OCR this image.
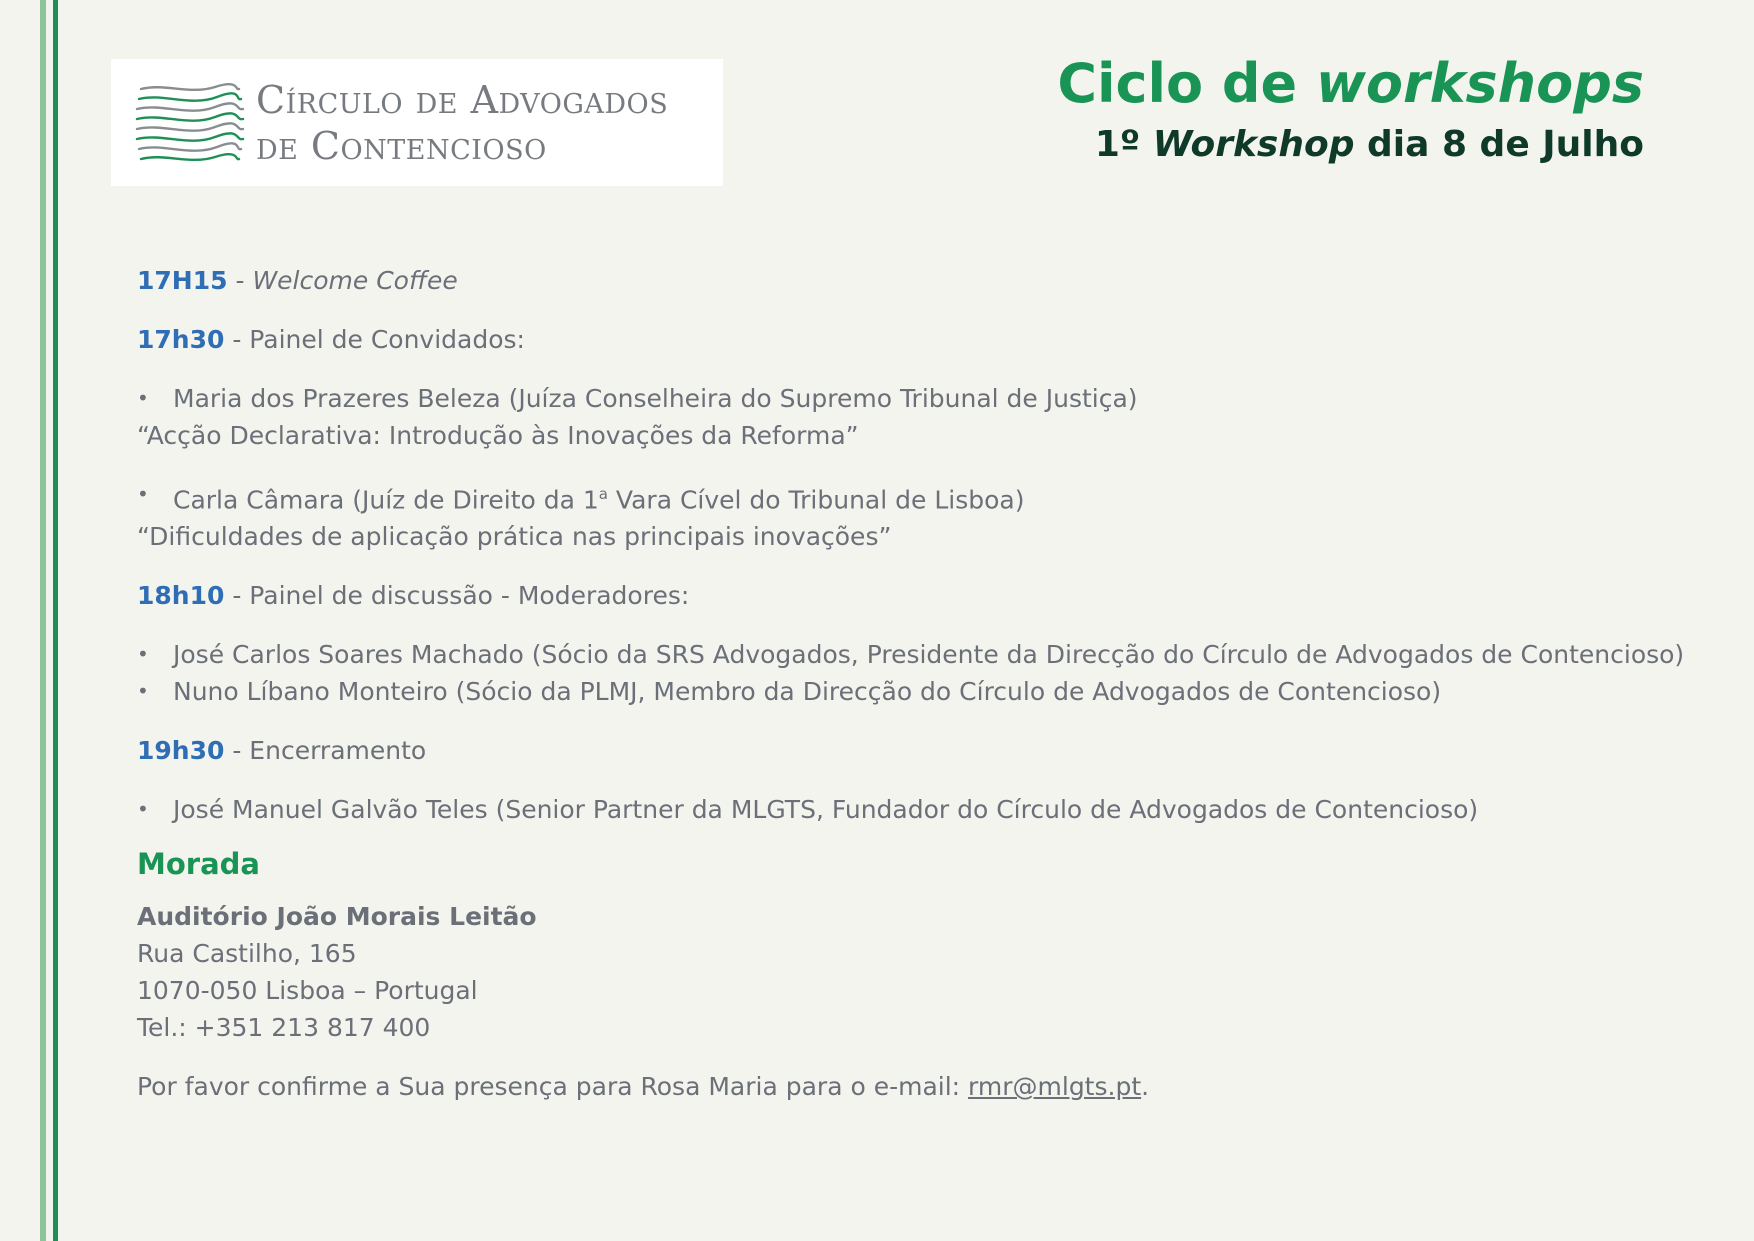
Círculo de Advogados
de Contencioso
Ciclo de workshops
1º Workshop dia 8 de Julho
17H15 - Welcome Coffee
17h30 - Painel de Convidados:
• Maria dos Prazeres Beleza (Juíza Conselheira do Supremo Tribunal de Justiça)
“Acção Declarativa: Introdução às Inovações da Reforma”
• Carla Câmara (Juíz de Direito da 1$^a$ Vara Cível do Tribunal de Lisboa)
“Dificuldades de aplicação prática nas principais inovações”
18h10 - Painel de discussão - Moderadores:
• José Carlos Soares Machado (Sócio da SRS Advogados, Presidente da Direcção do Círculo de Advogados de Contencioso)
• Nuno Líbano Monteiro (Sócio da PLMJ, Membro da Direcção do Círculo de Advogados de Contencioso)
19h30 - Encerramento
• José Manuel Galvão Teles (Senior Partner da MLGTS, Fundador do Círculo de Advogados de Contencioso)
Morada
Auditório João Morais Leitão
Rua Castilho, 165
1070-050 Lisboa – Portugal
Tel.: +351 213 817 400
Por favor confirme a Sua presença para Rosa Maria para o e-mail: rmr@mlgts.pt.
